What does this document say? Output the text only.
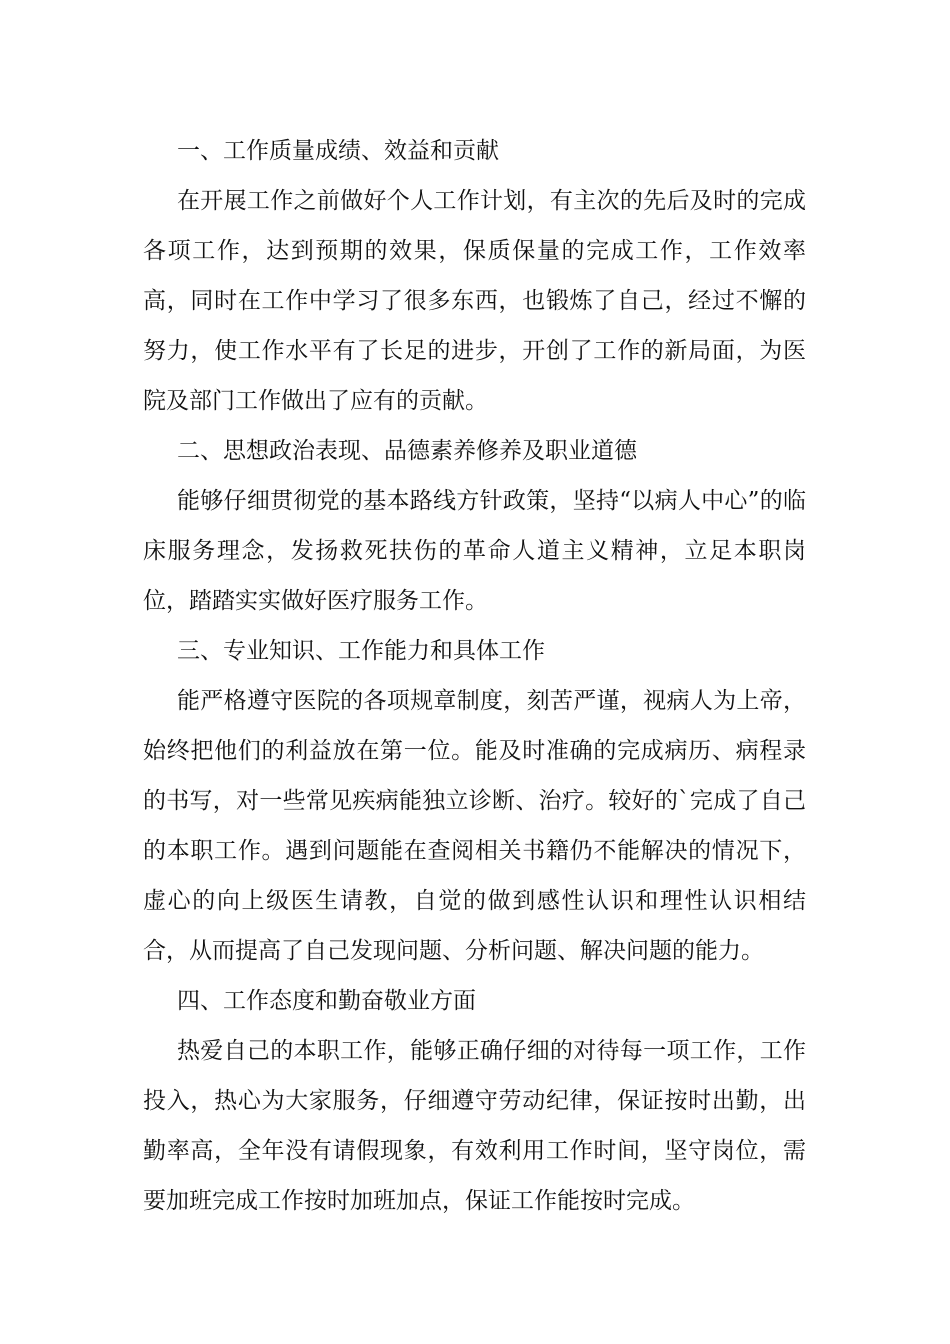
一、工作质量成绩、效益和贡献

在开展工作之前做好个人工作计划，有主次的先后及时的完成各项工作，达到预期的效果，保质保量的完成工作，工作效率高，同时在工作中学习了很多东西，也锻炼了自己，经过不懈的努力，使工作水平有了长足的进步，开创了工作的新局面，为医院及部门工作做出了应有的贡献。

二、思想政治表现、品德素养修养及职业道德

能够仔细贯彻党的基本路线方针政策，坚持“以病人中心”的临床服务理念，发扬救死扶伤的革命人道主义精神，立足本职岗位，踏踏实实做好医疗服务工作。

三、专业知识、工作能力和具体工作

能严格遵守医院的各项规章制度，刻苦严谨，视病人为上帝，始终把他们的利益放在第一位。能及时准确的完成病历、病程录的书写，对一些常见疾病能独立诊断、治疗。较好的`完成了自己的本职工作。遇到问题能在查阅相关书籍仍不能解决的情况下，虚心的向上级医生请教，自觉的做到感性认识和理性认识相结合，从而提高了自己发现问题、分析问题、解决问题的能力。

四、工作态度和勤奋敬业方面

热爱自己的本职工作，能够正确仔细的对待每一项工作，工作投入，热心为大家服务，仔细遵守劳动纪律，保证按时出勤，出勤率高，全年没有请假现象，有效利用工作时间，坚守岗位，需要加班完成工作按时加班加点，保证工作能按时完成。
